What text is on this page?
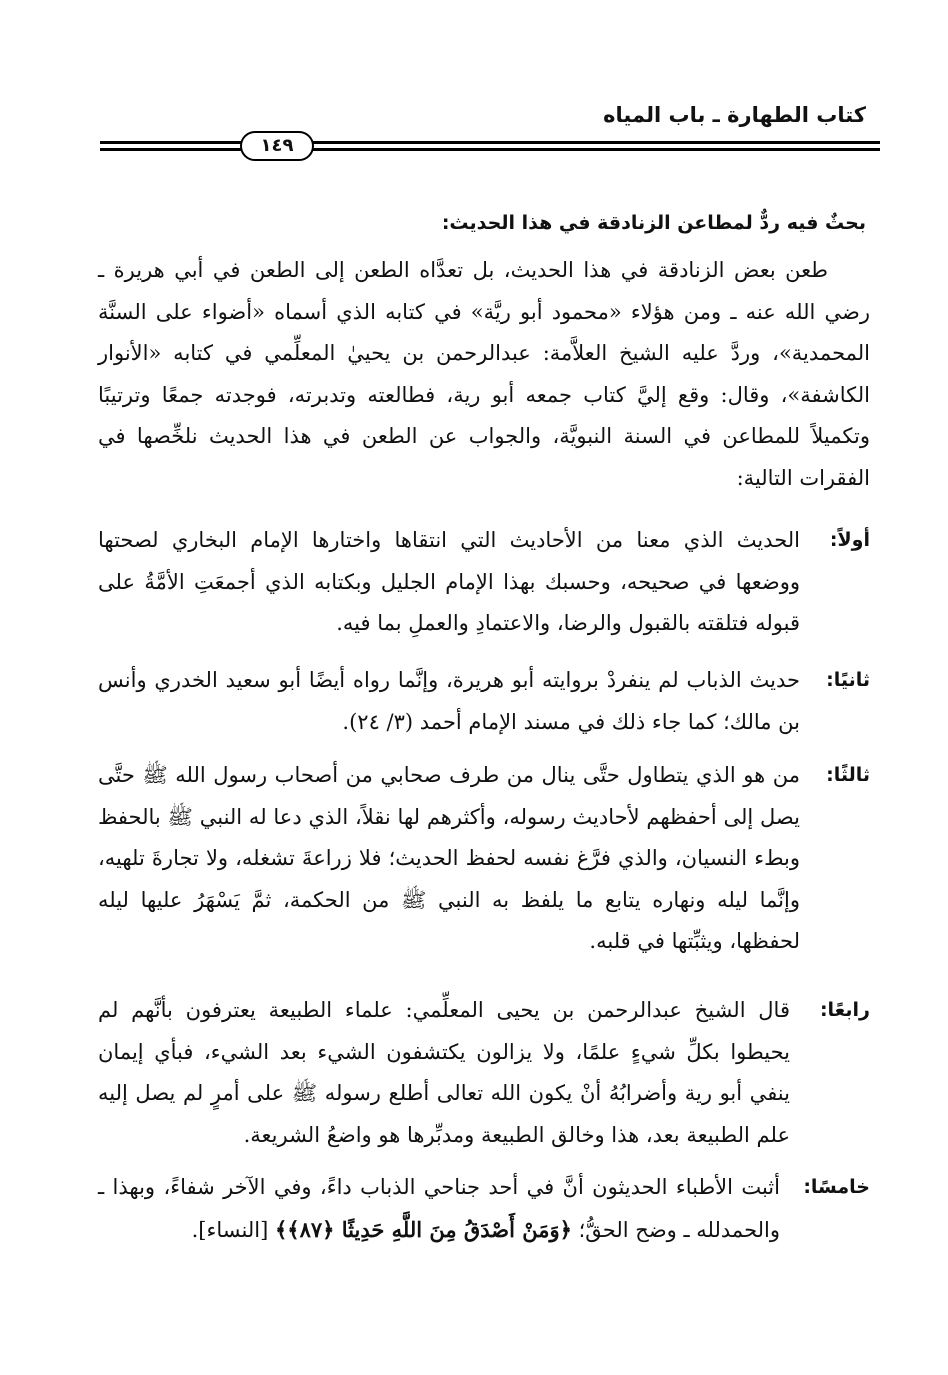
كتاب الطهارة ـ باب المياه
١٤٩
بحثٌ فيه ردٌّ لمطاعن الزنادقة في هذا الحديث:

طعن بعض الزنادقة في هذا الحديث، بل تعدَّاه الطعن إلى الطعن في أبي هريرة ـ رضي الله عنه ـ ومن هؤلاء «محمود أبو ريَّة» في كتابه الذي أسماه «أضواء على السنَّة المحمدية»، وردَّ عليه الشيخ العلاَّمة: عبدالرحمن بن يحييٰ المعلِّمي في كتابه «الأنوار الكاشفة»، وقال: وقع إليَّ كتاب جمعه أبو رية، فطالعته وتدبرته، فوجدته جمعًا وترتيبًا وتكميلاً للمطاعن في السنة النبويَّة، والجواب عن الطعن في هذا الحديث نلخِّصها في الفقرات التالية:

أولاً:

الحديث الذي معنا من الأحاديث التي انتقاها واختارها الإمام البخاري لصحتها ووضعها في صحيحه، وحسبك بهذا الإمام الجليل وبكتابه الذي أجمعَتِ الأمَّةُ على قبوله فتلقته بالقبول والرضا، والاعتمادِ والعملِ بما فيه.

ثانيًا:

حديث الذباب لم ينفردْ بروايته أبو هريرة، وإنَّما رواه أيضًا أبو سعيد الخدري وأنس بن مالك؛ كما جاء ذلك في مسند الإمام أحمد (٣/ ٢٤).

ثالثًا:

من هو الذي يتطاول حتَّى ينال من طرف صحابي من أصحاب رسول الله ﷺ حتَّى يصل إلى أحفظهم لأحاديث رسوله، وأكثرهم لها نقلاً، الذي دعا له النبي ﷺ بالحفظ وبطء النسيان، والذي فرَّغ نفسه لحفظ الحديث؛ فلا زراعةَ تشغله، ولا تجارةَ تلهيه، وإنَّما ليله ونهاره يتابع ما يلفظ به النبي ﷺ من الحكمة، ثمَّ يَسْهَرُ عليها ليله لحفظها، ويثبِّتها في قلبه.

رابعًا:

قال الشيخ عبدالرحمن بن يحيى المعلِّمي: علماء الطبيعة يعترفون بأنَّهم لم يحيطوا بكلِّ شيءٍ علمًا، ولا يزالون يكتشفون الشيء بعد الشيء، فبأي إيمان ينفي أبو رية وأضرابُهُ أنْ يكون الله تعالى أطلع رسوله ﷺ على أمرٍ لم يصل إليه علم الطبيعة بعد، هذا وخالق الطبيعة ومدبِّرها هو واضعُ الشريعة.

خامسًا:

أثبت الأطباء الحديثون أنَّ في أحد جناحي الذباب داءً، وفي الآخر شفاءً، وبهذا ـ والحمدلله ـ وضح الحقُّ؛ ﴿وَمَنْ أَصْدَقُ مِنَ اللَّهِ حَدِيثًا ﴿٨٧﴾﴾ [النساء].
